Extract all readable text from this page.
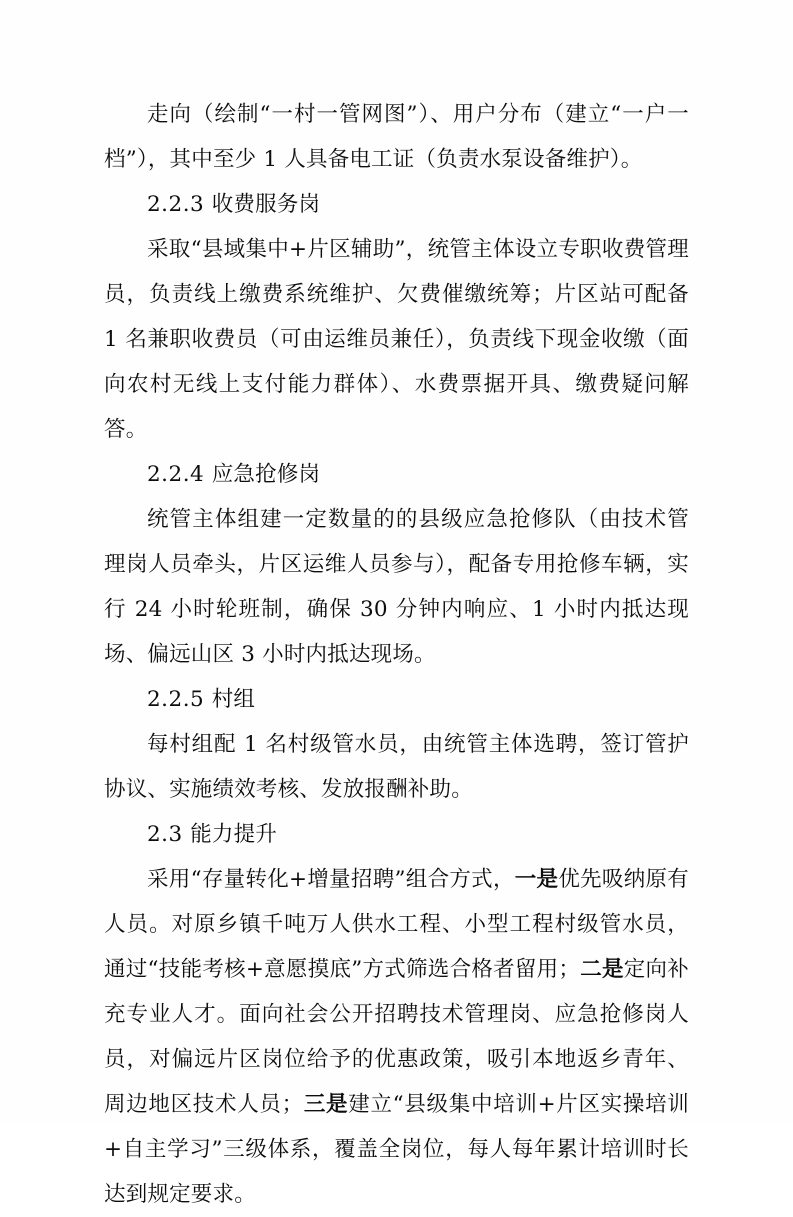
走向（绘制“一村一管网图”）、用户分布（建立“一户一档”），其中至少 1 人具备电工证（负责水泵设备维护）。

2.2.3 收费服务岗

采取“县域集中+片区辅助”，统管主体设立专职收费管理员，负责线上缴费系统维护、欠费催缴统筹；片区站可配备 1 名兼职收费员（可由运维员兼任），负责线下现金收缴（面向农村无线上支付能力群体）、水费票据开具、缴费疑问解答。

2.2.4 应急抢修岗

统管主体组建一定数量的的县级应急抢修队（由技术管理岗人员牵头，片区运维人员参与），配备专用抢修车辆，实行 24 小时轮班制，确保 30 分钟内响应、1 小时内抵达现场、偏远山区 3 小时内抵达现场。

2.2.5 村组

每村组配 1 名村级管水员，由统管主体选聘，签订管护协议、实施绩效考核、发放报酬补助。

2.3 能力提升

采用“存量转化+增量招聘”组合方式，一是优先吸纳原有人员。对原乡镇千吨万人供水工程、小型工程村级管水员，通过“技能考核+意愿摸底”方式筛选合格者留用；二是定向补充专业人才。面向社会公开招聘技术管理岗、应急抢修岗人员，对偏远片区岗位给予的优惠政策，吸引本地返乡青年、周边地区技术人员；三是建立“县级集中培训+片区实操培训+自主学习”三级体系，覆盖全岗位，每人每年累计培训时长达到规定要求。
